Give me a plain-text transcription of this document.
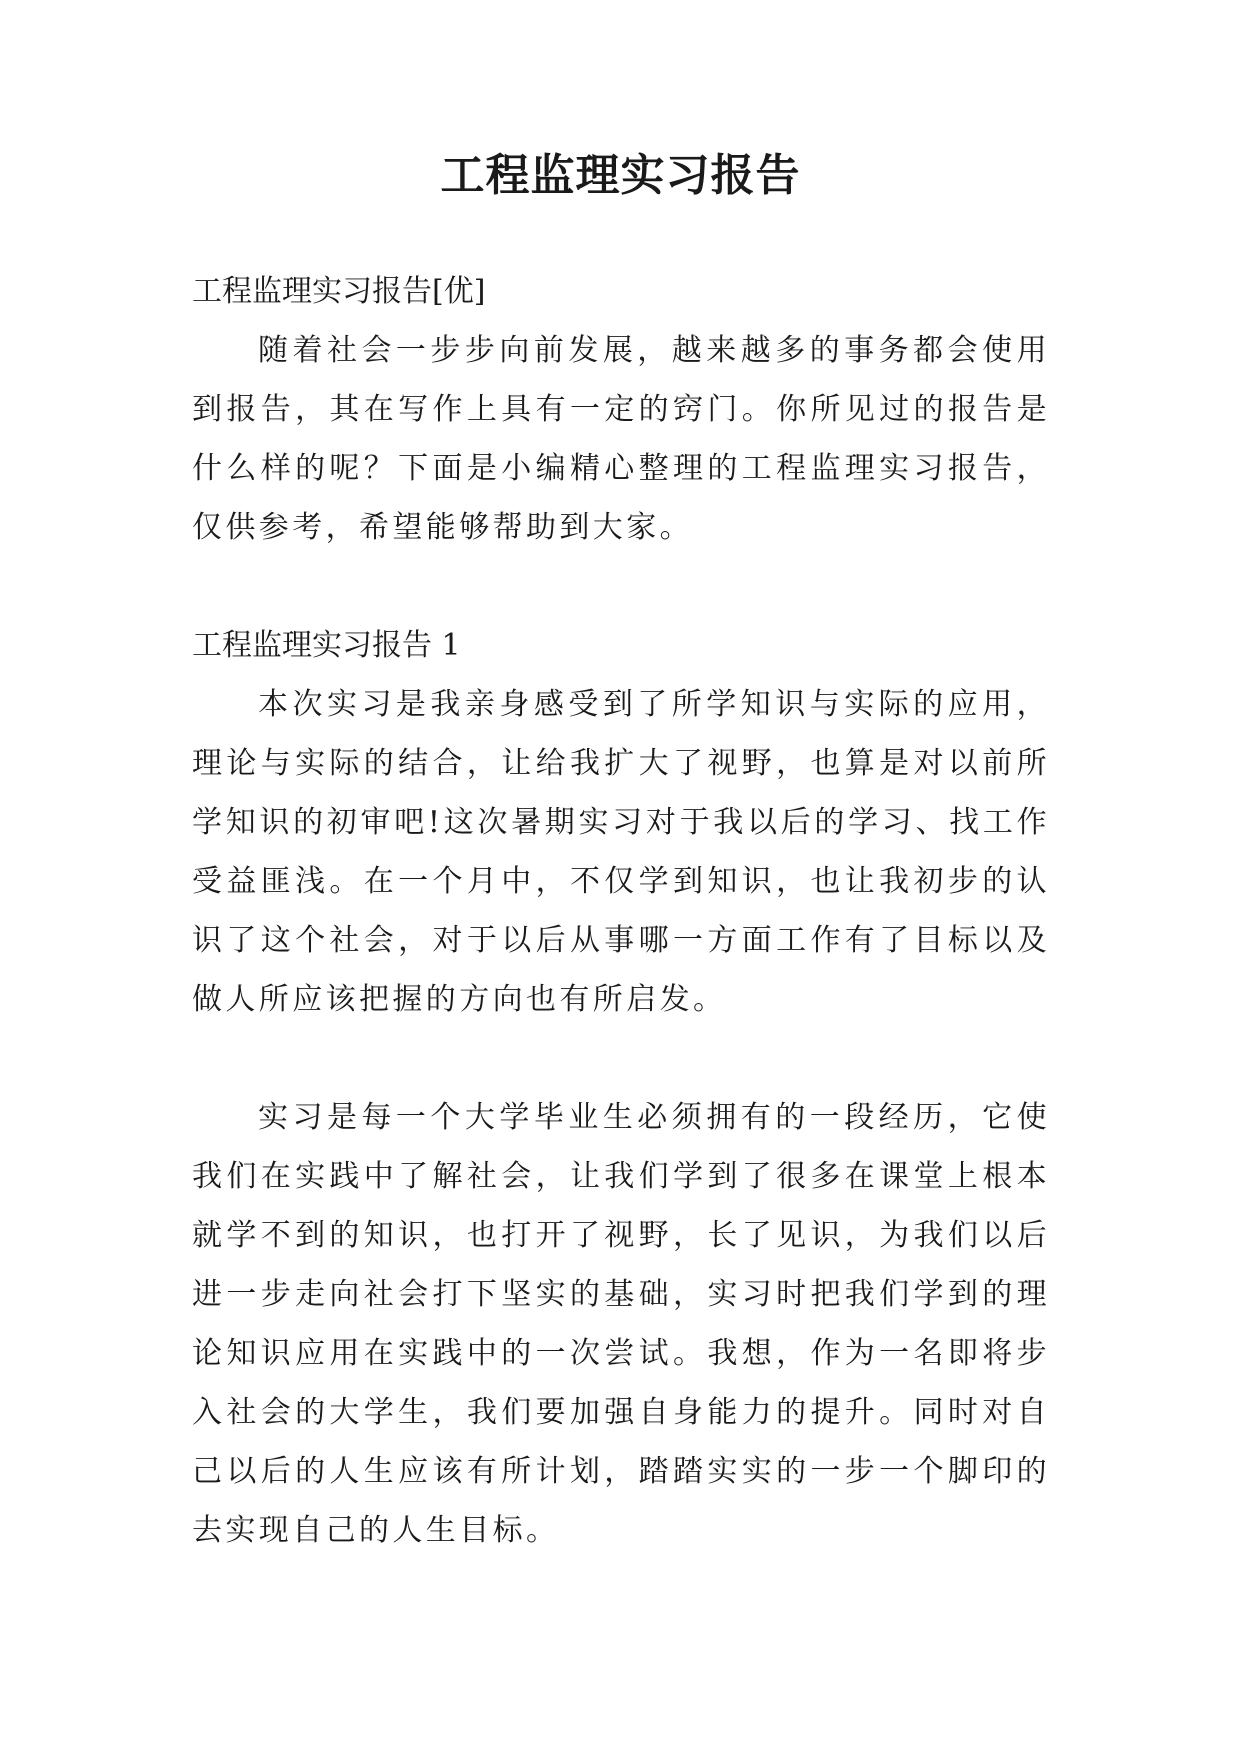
工程监理实习报告

工程监理实习报告[优]

随着社会一步步向前发展，越来越多的事务都会使用到报告，其在写作上具有一定的窍门。你所见过的报告是什么样的呢？下面是小编精心整理的工程监理实习报告，仅供参考，希望能够帮助到大家。

工程监理实习报告 1

本次实习是我亲身感受到了所学知识与实际的应用，理论与实际的结合，让给我扩大了视野，也算是对以前所学知识的初审吧!这次暑期实习对于我以后的学习、找工作受益匪浅。在一个月中，不仅学到知识，也让我初步的认识了这个社会，对于以后从事哪一方面工作有了目标以及做人所应该把握的方向也有所启发。

实习是每一个大学毕业生必须拥有的一段经历，它使我们在实践中了解社会，让我们学到了很多在课堂上根本就学不到的知识，也打开了视野，长了见识，为我们以后进一步走向社会打下坚实的基础，实习时把我们学到的理论知识应用在实践中的一次尝试。我想，作为一名即将步入社会的大学生，我们要加强自身能力的提升。同时对自己以后的人生应该有所计划，踏踏实实的一步一个脚印的去实现自己的人生目标。
